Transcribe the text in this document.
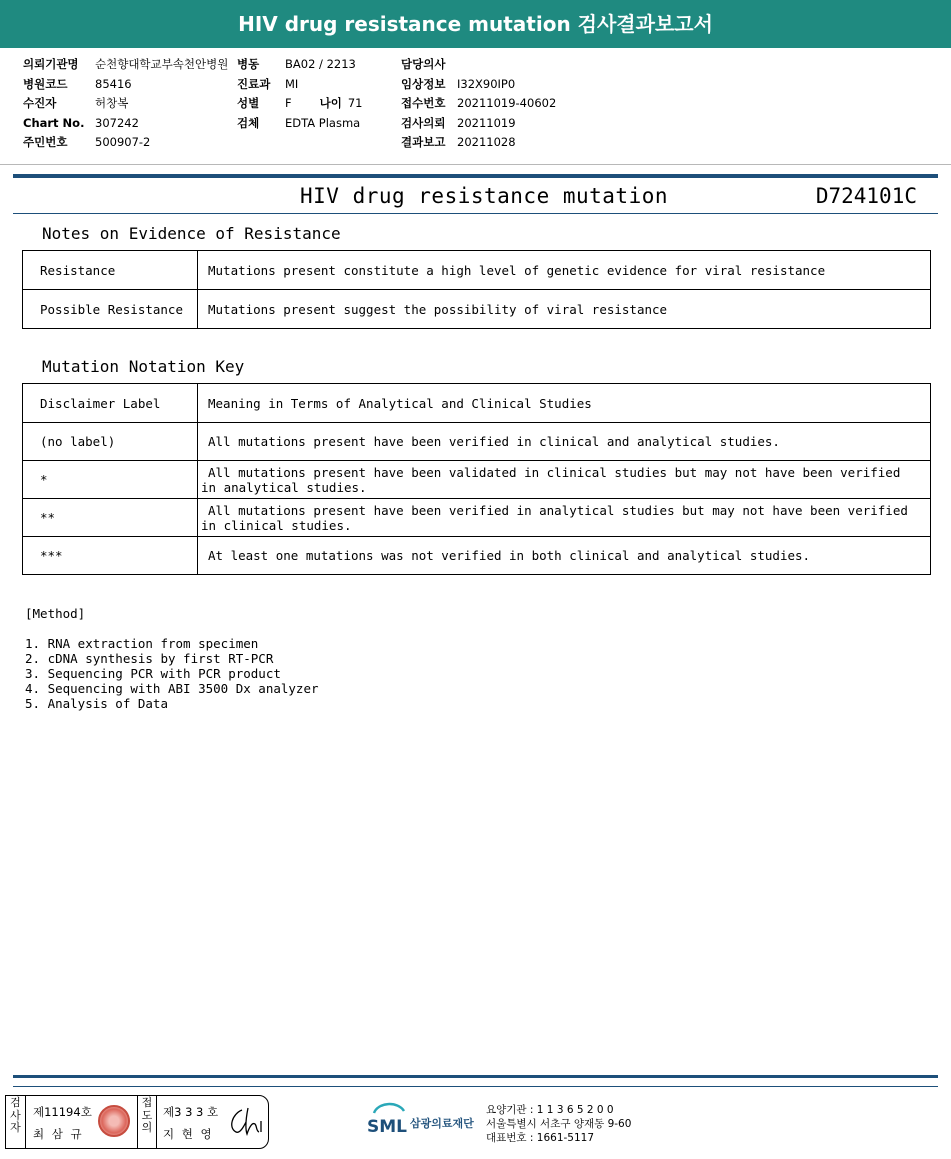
HIV drug resistance mutation 검사결과보고서
의뢰기관명 순천향대학교부속천안병원
병원코드 85416
수진자	허창복
Chart No. 307242
주민번호 500907-2
병동 BA02 / 2213
진료과 MI
성별 F 나이 71
검체 EDTA Plasma
담당의사
임상정보 I32X90IP0
접수번호 20211019-40602
검사의뢰 20211019
결과보고 20211028
HIV drug resistance mutation	D724101C
Notes on Evidence of Resistance
Resistance	Mutations present constitute a high level of genetic evidence for viral resistance
Possible Resistance	Mutations present suggest the possibility of viral resistance
Mutation Notation Key
Disclaimer Label	Meaning in Terms of Analytical and Clinical Studies
(no label)	All mutations present have been verified in clinical and analytical studies.
*	All mutations present have been validated in clinical studies but may not have been verified
in analytical studies.

**	All mutations present have been verified in analytical studies but may not have been verified
in clinical studies.

***	At least one mutations was not verified in both clinical and analytical studies.
[Method]
1. RNA extraction from specimen
2. cDNA synthesis by first RT-PCR
3. Sequencing PCR with PCR product
4. Sequencing with ABI 3500 Dx analyzer
5. Analysis of Data
검
사
자
제11194호
최 삼 규
접
도
의
제3 3 3 호
지 현 영	SML 삼광의료재단
요양기관 : 1 1 3 6 5 2 0 0
서울특별시 서초구 양재동 9-60
대표번호 : 1661-5117
